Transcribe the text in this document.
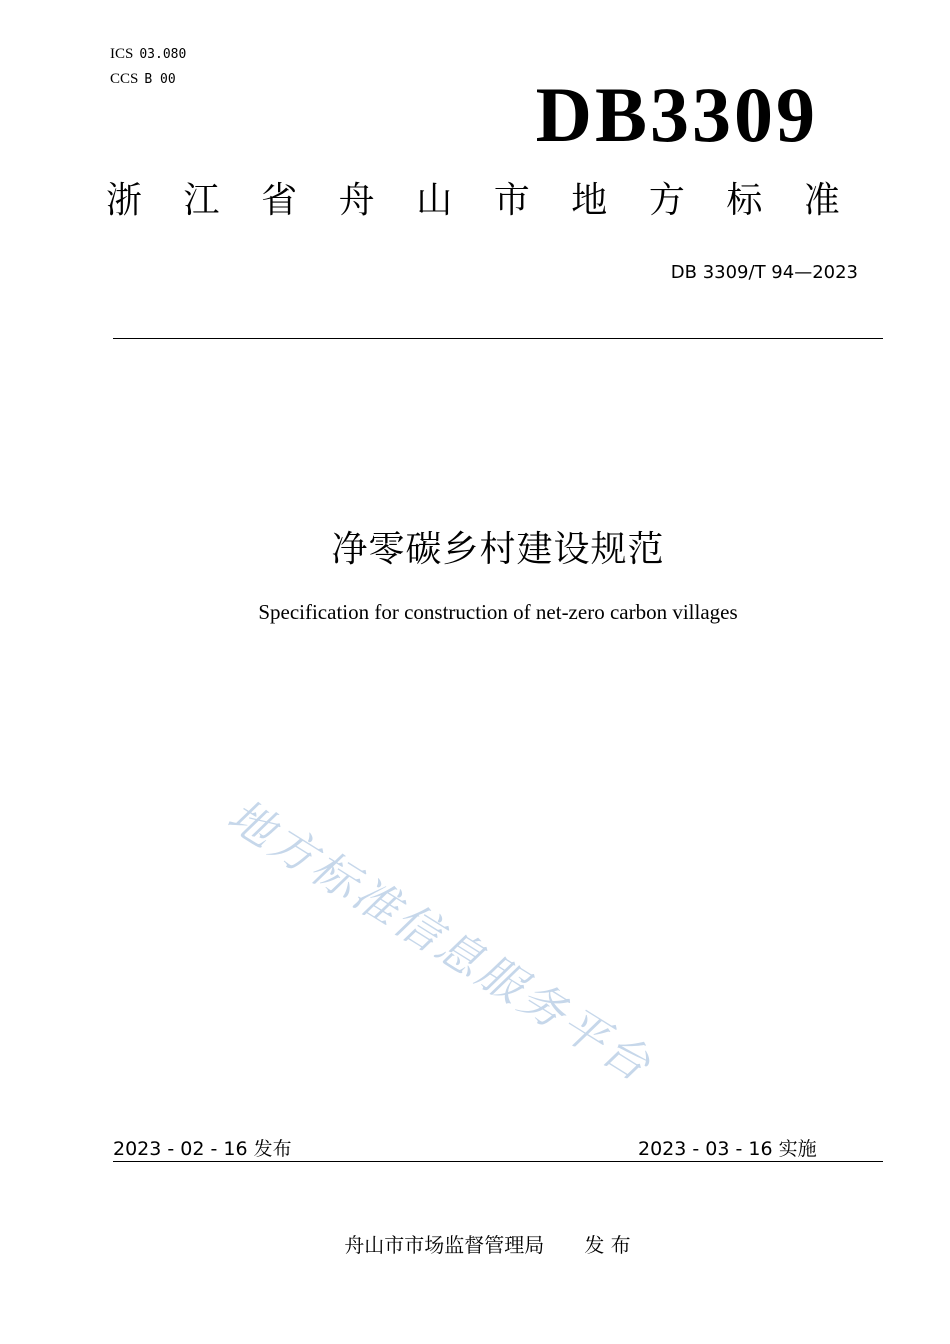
ICS 03.080
CCS B 00	DB3309
浙 江 省 舟 山 市 地 方 标 准
DB 3309/T 94—2023
净零碳乡村建设规范
Specification for construction of net-zero carbon villages
地方标准信息服务平台
2023 - 02 - 16 发布	2023 - 03 - 16 实施
舟山市市场监督管理局 发 布
